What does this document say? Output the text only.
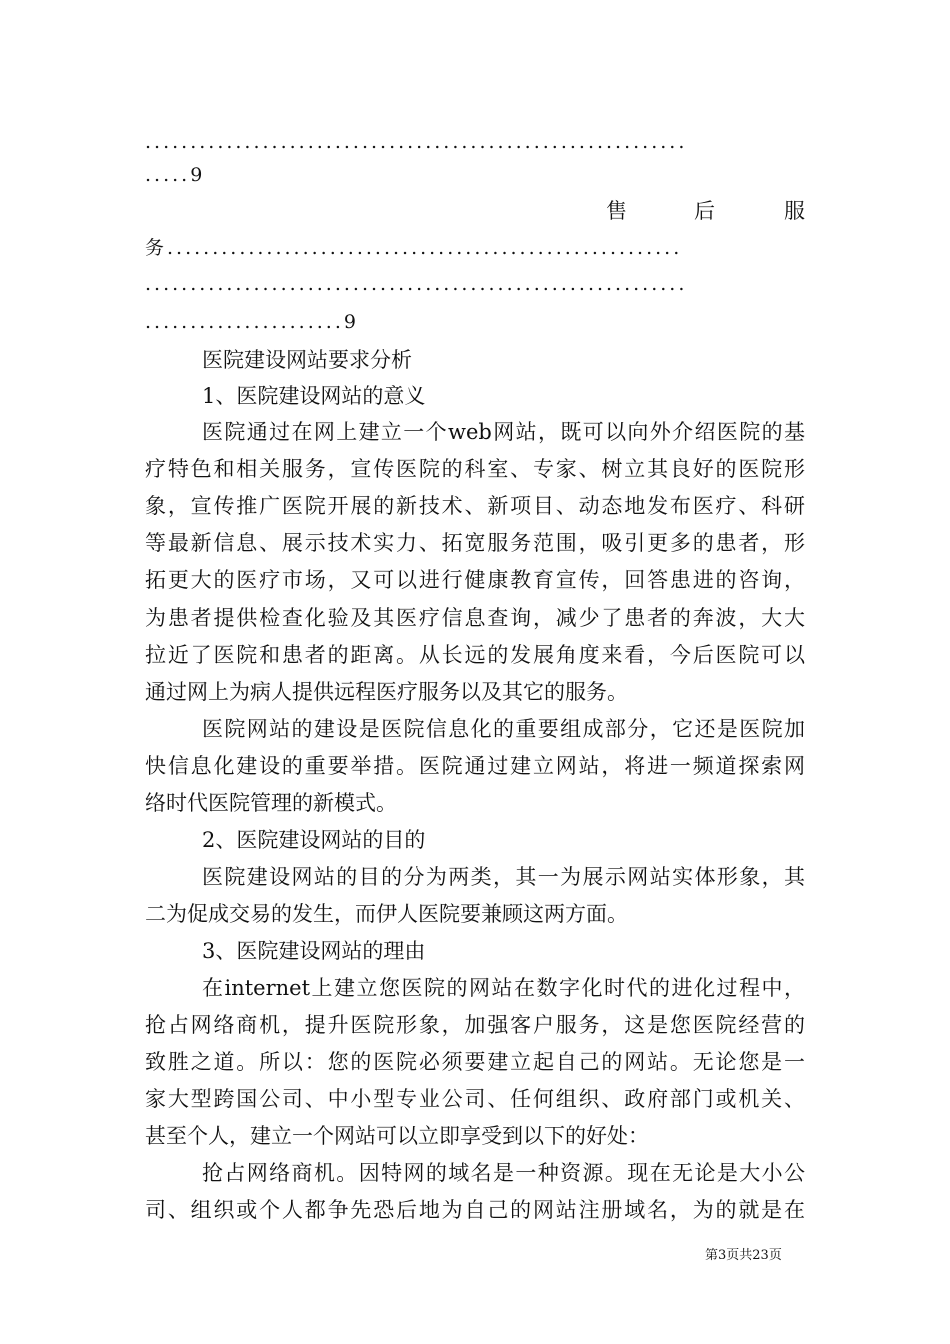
............................................................
.....9
售	后	服
务.........................................................
............................................................
......................9
医院建设网站要求分析
1、医院建设网站的意义
医院通过在网上建立一个web网站，既可以向外介绍医院的基
疗特色和相关服务，宣传医院的科室、专家、树立其良好的医院形
象，宣传推广医院开展的新技术、新项目、动态地发布医疗、科研
等最新信息、展示技术实力、拓宽服务范围，吸引更多的患者，形
拓更大的医疗市场，又可以进行健康教育宣传，回答患进的咨询，
为患者提供检查化验及其医疗信息查询，减少了患者的奔波，大大
拉近了医院和患者的距离。从长远的发展角度来看，今后医院可以
通过网上为病人提供远程医疗服务以及其它的服务。
医院网站的建设是医院信息化的重要组成部分，它还是医院加
快信息化建设的重要举措。医院通过建立网站，将进一频道探索网
络时代医院管理的新模式。
2、医院建设网站的目的
医院建设网站的目的分为两类，其一为展示网站实体形象，其
二为促成交易的发生，而伊人医院要兼顾这两方面。
3、医院建设网站的理由
在internet上建立您医院的网站在数字化时代的进化过程中，
抢占网络商机，提升医院形象，加强客户服务，这是您医院经营的
致胜之道。所以：您的医院必须要建立起自己的网站。无论您是一
家大型跨国公司、中小型专业公司、任何组织、政府部门或机关、
甚至个人，建立一个网站可以立即享受到以下的好处：
抢占网络商机。因特网的域名是一种资源。现在无论是大小公
司、组织或个人都争先恐后地为自己的网站注册域名，为的就是在
第3页共23页
